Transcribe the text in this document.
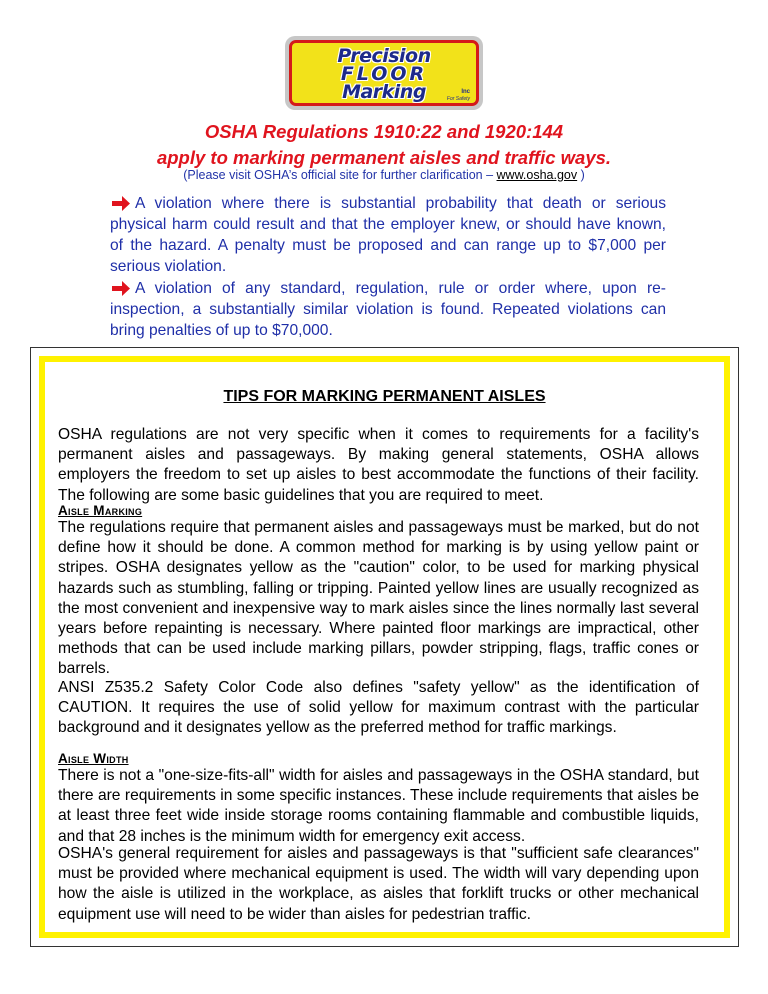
Precision
FLOOR
Marking	Inc
For Safety
OSHA Regulations 1910:22 and 1920:144
apply to marking permanent aisles and traffic ways.
(Please visit OSHA’s official site for further clarification – www.osha.gov )
A violation where there is substantial probability that death or serious physical harm could result and that the employer knew, or should have known, of the hazard. A penalty must be proposed and can range up to $7,000 per serious violation.
A violation of any standard, regulation, rule or order where, upon re-inspection, a substantially similar violation is found. Repeated violations can bring penalties of up to $70,000.
TIPS FOR MARKING PERMANENT AISLES
OSHA regulations are not very specific when it comes to requirements for a facility's permanent aisles and passageways. By making general statements, OSHA allows employers the freedom to set up aisles to best accommodate the functions of their facility. The following are some basic guidelines that you are required to meet.
Aisle Marking
The regulations require that permanent aisles and passageways must be marked, but do not define how it should be done. A common method for marking is by using yellow paint or stripes. OSHA designates yellow as the "caution" color, to be used for marking physical hazards such as stumbling, falling or tripping. Painted yellow lines are usually recognized as the most convenient and inexpensive way to mark aisles since the lines normally last several years before repainting is necessary. Where painted floor markings are impractical, other methods that can be used include marking pillars, powder stripping, flags, traffic cones or barrels.
ANSI Z535.2 Safety Color Code also defines "safety yellow" as the identification of CAUTION. It requires the use of solid yellow for maximum contrast with the particular background and it designates yellow as the preferred method for traffic markings.
Aisle Width
There is not a "one-size-fits-all" width for aisles and passageways in the OSHA standard, but there are requirements in some specific instances. These include requirements that aisles be at least three feet wide inside storage rooms containing flammable and combustible liquids, and that 28 inches is the minimum width for emergency exit access.
OSHA's general requirement for aisles and passageways is that "sufficient safe clearances" must be provided where mechanical equipment is used. The width will vary depending upon how the aisle is utilized in the workplace, as aisles that forklift trucks or other mechanical equipment use will need to be wider than aisles for pedestrian traffic.
